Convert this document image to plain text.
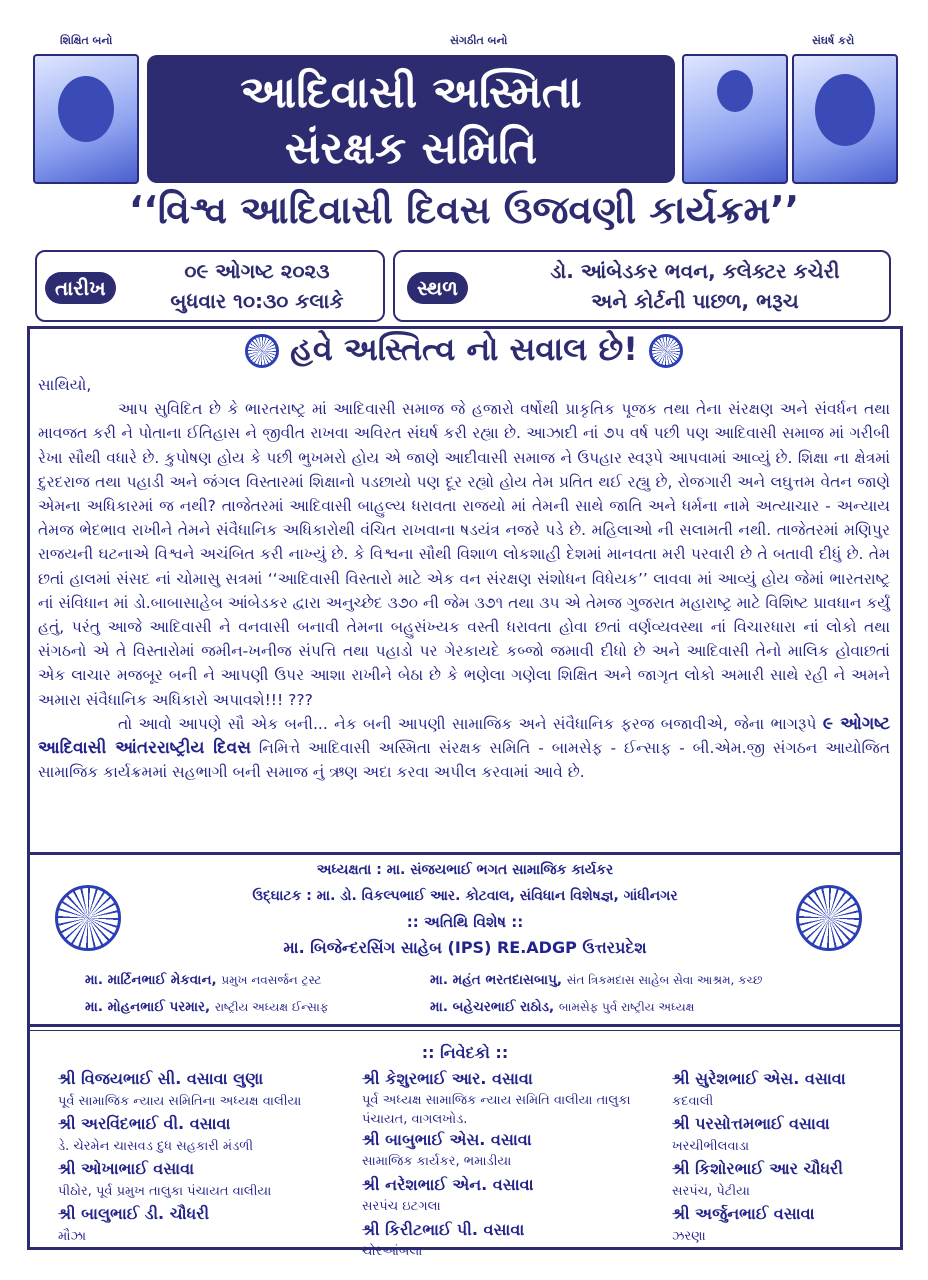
શિક્ષિત બનો	સંગઠીત બનો	સંઘર્ષ કરો
આદિવાસી અસ્મિતા
સંરક્ષક સમિતિ
‘‘વિશ્વ આદિવાસી દિવસ ઉજવણી કાર્યક્રમ’’
તારીખ
૦૯ ઓગષ્ટ ૨૦૨૩
બુધવાર ૧૦:૩૦ કલાકે
સ્થળ
ડો. આંબેડકર ભવન, કલેક્ટર કચેરી
અને કોર્ટની પાછળ, ભરૂચ
હવે અસ્તિત્વ નો સવાલ છે!

સાથિયો,

આપ સુવિદિત છે કે ભારતરાષ્ટ્ર માં આદિવાસી સમાજ જે હજારો વર્ષોથી પ્રાકૃતિક પૂજક તથા તેના સંરક્ષણ અને સંવર્ધન તથા માવજત કરી ને પોતાના ઈતિહાસ ને જીવીત રાખવા અવિરત સંઘર્ષ કરી રહ્યા છે. આઝાદી નાં ૭૫ વર્ષ પછી પણ આદિવાસી સમાજ માં ગરીબી રેખા સૌથી વધારે છે. કુપોષણ હોય કે પછી ભુખમરો હોય એ જાણે આદીવાસી સમાજ ને ઉપહાર સ્વરૂપે આપવામાં આવ્યું છે. શિક્ષા ના ક્ષેત્રમાં દુરદરાજ તથા પહાડી અને જંગલ વિસ્તારમાં શિક્ષાનો પડછાયો પણ દૂર રહ્યો હોય તેમ પ્રતિત થઈ રહ્યુ છે, રોજગારી અને લઘુત્તમ વેતન જાણે એમના અધિકારમાં જ નથી? તાજેતરમાં આદિવાસી બાહુલ્ય ધરાવતા રાજયો માં તેમની સાથે જાતિ અને ધર્મના નામે અત્યાચાર - અન્યાય તેમજ ભેદભાવ રાખીને તેમને સંવૈધાનિક અધિકારોથી વંચિત રાખવાના ષડયંત્ર નજરે પડે છે. મહિલાઓ ની સલામતી નથી. તાજેતરમાં મણિપુર રાજયની ઘટનાએ વિશ્વને અચંબિત કરી નાખ્યું છે. કે વિશ્વના સૌથી વિશાળ લોકશાહી દેશમાં માનવતા મરી પરવારી છે તે બતાવી દીધું છે. તેમ છતાં હાલમાં સંસદ નાં ચોમાસુ સત્રમાં ‘‘આદિવાસી વિસ્તારો માટે એક વન સંરક્ષણ સંશોધન વિધેયક’’ લાવવા માં આવ્યું હોય જેમાં ભારતરાષ્ટ્ર નાં સંવિધાન માં ડો.બાબાસાહેબ આંબેડકર દ્વારા અનુચ્છેદ ૩૭૦ ની જેમ ૩૭૧ તથા ૩૫ એ તેમજ ગુજરાત મહારાષ્ટ્ર માટે વિશિષ્ટ પ્રાવધાન કર્યું હતું, પરંતુ આજે આદિવાસી ને વનવાસી બનાવી તેમના બહુસંખ્યક વસ્તી ધરાવતા હોવા છતાં વર્ણવ્યવસ્થા નાં વિચારધારા નાં લોકો તથા સંગઠનો એ તે વિસ્તારોમાં જમીન-ખનીજ સંપત્તિ તથા પહાડો પર ગેરકાયદે કબ્જો જમાવી દીધો છે અને આદિવાસી તેનો માલિક હોવાછતાં એક લાચાર મજબૂર બની ને આપણી ઉપર આશા રાખીને બેઠા છે કે ભણેલા ગણેલા શિક્ષિત અને જાગૃત લોકો અમારી સાથે રહી ને અમને અમારા સંવૈધાનિક અધિકારો અપાવશે!!! ???

તો આવો આપણે સૌ એક બની... નેક બની આપણી સામાજિક અને સંવૈધાનિક ફરજ બજાવીએ, જેના ભાગરૂપે ૯ ઓગષ્ટ આદિવાસી આંતરરાષ્ટ્રીય દિવસ નિમિત્તે આદિવાસી અસ્મિતા સંરક્ષક સમિતિ - બામસેફ - ઈન્સાફ - બી.એમ.જી સંગઠન આયોજિત સામાજિક કાર્યક્રમમાં સહભાગી બની સમાજ નું ઋણ અદા કરવા અપીલ કરવામાં આવે છે.

અધ્યક્ષતા : મા. સંજયભાઈ ભગત સામાજિક કાર્યકર
ઉદ્ઘાટક : મા. ડો. વિકલ્પભાઈ આર. કોટવાલ, સંવિધાન વિશેષજ્ઞ, ગાંધીનગર
:: અતિથિ વિશેષ ::
મા. બિજેન્દરસિંગ સાહેબ (IPS) RE.ADGP ઉત્તરપ્રદેશ
મા. માર્ટિનભાઈ મેકવાન, પ્રમુખ નવસર્જન ટ્રસ્ટ	મા. મહંત ભરતદાસબાપુ, સંત ત્રિકમદાસ સાહેબ સેવા આશ્રમ, કચ્છ
મા. મોહનભાઈ પરમાર, રાષ્ટ્રીય અધ્યક્ષ ઈન્સાફ	મા. બહેચરભાઈ રાઠોડ, બામસેફ પુર્વ રાષ્ટ્રીય અધ્યક્ષ
:: નિવેદકો ::
શ્રી વિજયભાઈ સી. વસાવા લુણા
પૂર્વ સામાજિક ન્યાય સમિતિના અધ્યક્ષ વાલીયા
શ્રી અરવિંદભાઈ વી. વસાવા
ડે. ચેરમેન ચાસવડ દુધ સહકારી મંડળી
શ્રી ઓખાભાઈ વસાવા
પીઠોર, પૂર્વ પ્રમુખ તાલુકા પંચાયત વાલીયા
શ્રી બાલુભાઈ ડી. ચૌધરી
મૌઝા
શ્રી કેશુરભાઈ આર. વસાવા
પૂર્વ અધ્યક્ષ સામાજિક ન્યાય સમિતિ વાલીયા તાલુકા પંચાયત, વાગલખોડ.
શ્રી બાબુભાઈ એસ. વસાવા
સામાજિક કાર્યકર, ભમાડીયા
શ્રી નરેશભાઈ એન. વસાવા
સરપંચ ઇટગલા
શ્રી કિરીટભાઈ પી. વસાવા
ચોરઆંબલા
શ્રી સુરેશભાઈ એસ. વસાવા
કદવાલી
શ્રી પરસોત્તમભાઈ વસાવા
ખરચીભીલવાડા
શ્રી કિશોરભાઈ આર ચૌધરી
સરપંચ, પેટીયા
શ્રી અર્જુનભાઈ વસાવા
ઝરણા
